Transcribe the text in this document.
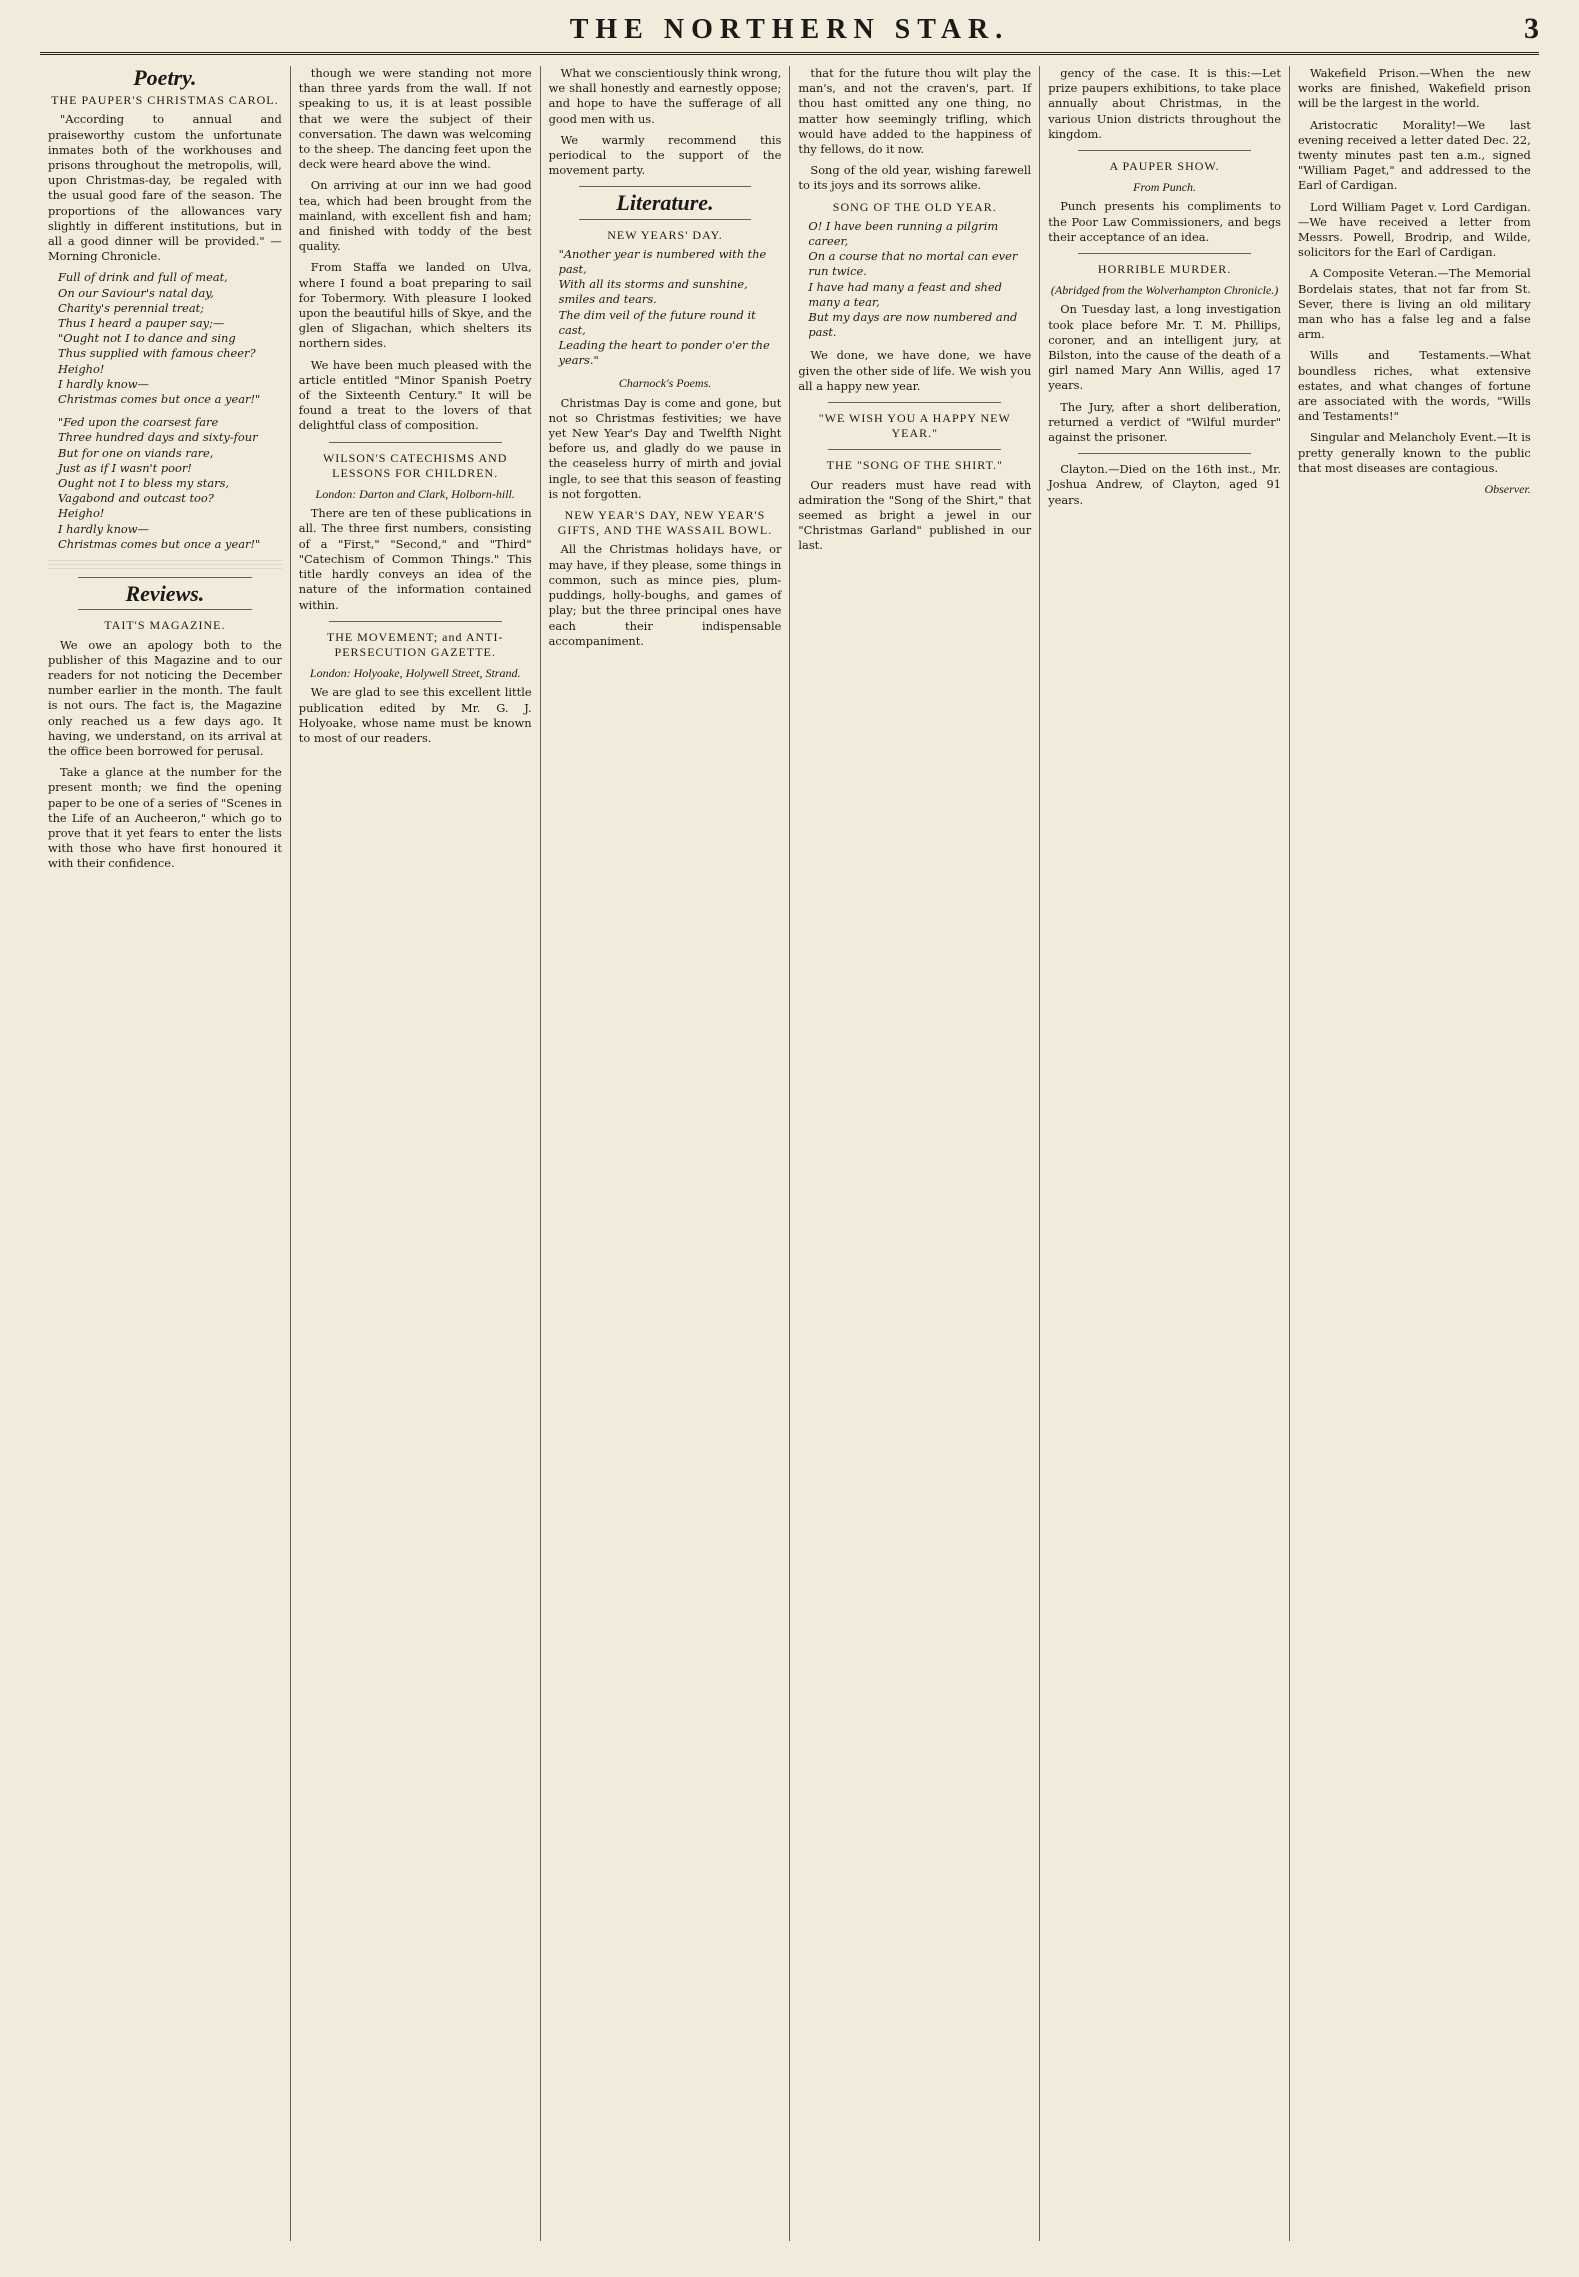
THE NORTHERN STAR.	3
Poetry.
THE PAUPER'S CHRISTMAS CAROL.

"According to annual and praiseworthy custom the unfortunate inmates both of the workhouses and prisons throughout the metropolis, will, upon Christmas-day, be regaled with the usual good fare of the season. The proportions of the allowances vary slightly in different institutions, but in all a good dinner will be provided." — Morning Chronicle.

Full of drink and full of meat,
On our Saviour's natal day,
Charity's perennial treat;
Thus I heard a pauper say;—
"Ought not I to dance and sing
Thus supplied with famous cheer?
Heigho!
I hardly know—
Christmas comes but once a year!"
"Fed upon the coarsest fare
Three hundred days and sixty-four
But for one on viands rare,
Just as if I wasn't poor!
Ought not I to bless my stars,
Vagabond and outcast too?
Heigho!
I hardly know—
Christmas comes but once a year!"
Reviews.
TAIT'S MAGAZINE.

We owe an apology both to the publisher of this Magazine and to our readers for not noticing the December number earlier in the month. The fault is not ours. The fact is, the Magazine only reached us a few days ago. It having, we understand, on its arrival at the office been borrowed for perusal.

Take a glance at the number for the present month; we find the opening paper to be one of a series of "Scenes in the Life of an Aucheeron," which go to prove that it yet fears to enter the lists with those who have first honoured it with their confidence.

though we were standing not more than three yards from the wall. If not speaking to us, it is at least possible that we were the subject of their conversation. The dawn was welcoming to the sheep. The dancing feet upon the deck were heard above the wind.

On arriving at our inn we had good tea, which had been brought from the mainland, with excellent fish and ham; and finished with toddy of the best quality.

From Staffa we landed on Ulva, where I found a boat preparing to sail for Tobermory. With pleasure I looked upon the beautiful hills of Skye, and the glen of Sligachan, which shelters its northern sides.

We have been much pleased with the article entitled "Minor Spanish Poetry of the Sixteenth Century." It will be found a treat to the lovers of that delightful class of composition.

WILSON'S CATECHISMS AND LESSONS FOR CHILDREN.
London: Darton and Clark, Holborn-hill.

There are ten of these publications in all. The three first numbers, consisting of a "First," "Second," and "Third" "Catechism of Common Things." This title hardly conveys an idea of the nature of the information contained within.

THE MOVEMENT; and ANTI-PERSECUTION GAZETTE.
London: Holyoake, Holywell Street, Strand.

We are glad to see this excellent little publication edited by Mr. G. J. Holyoake, whose name must be known to most of our readers.

What we conscientiously think wrong, we shall honestly and earnestly oppose; and hope to have the sufferage of all good men with us.

We warmly recommend this periodical to the support of the movement party.

Literature.
NEW YEARS' DAY.
"Another year is numbered with the past,
With all its storms and sunshine, smiles and tears.
The dim veil of the future round it cast,
Leading the heart to ponder o'er the years."
Charnock's Poems.

Christmas Day is come and gone, but not so Christmas festivities; we have yet New Year's Day and Twelfth Night before us, and gladly do we pause in the ceaseless hurry of mirth and jovial ingle, to see that this season of feasting is not forgotten.

NEW YEAR'S DAY, NEW YEAR'S GIFTS, AND THE WASSAIL BOWL.

All the Christmas holidays have, or may have, if they please, some things in common, such as mince pies, plum-puddings, holly-boughs, and games of play; but the three principal ones have each their indispensable accompaniment.

that for the future thou wilt play the man's, and not the craven's, part. If thou hast omitted any one thing, no matter how seemingly trifling, which would have added to the happiness of thy fellows, do it now.

Song of the old year, wishing farewell to its joys and its sorrows alike.

SONG OF THE OLD YEAR.
O! I have been running a pilgrim career,
On a course that no mortal can ever run twice.
I have had many a feast and shed many a tear,
But my days are now numbered and past.

We done, we have done, we have given the other side of life. We wish you all a happy new year.

"WE WISH YOU A HAPPY NEW YEAR."
THE "SONG OF THE SHIRT."

Our readers must have read with admiration the "Song of the Shirt," that seemed as bright a jewel in our "Christmas Garland" published in our last.

gency of the case. It is this:—Let prize paupers exhibitions, to take place annually about Christmas, in the various Union districts throughout the kingdom.

A PAUPER SHOW.
From Punch.

Punch presents his compliments to the Poor Law Commissioners, and begs their acceptance of an idea.

HORRIBLE MURDER.
(Abridged from the Wolverhampton Chronicle.)

On Tuesday last, a long investigation took place before Mr. T. M. Phillips, coroner, and an intelligent jury, at Bilston, into the cause of the death of a girl named Mary Ann Willis, aged 17 years.

The Jury, after a short deliberation, returned a verdict of "Wilful murder" against the prisoner.

Clayton.—Died on the 16th inst., Mr. Joshua Andrew, of Clayton, aged 91 years.

Wakefield Prison.—When the new works are finished, Wakefield prison will be the largest in the world.

Aristocratic Morality!—We last evening received a letter dated Dec. 22, twenty minutes past ten a.m., signed "William Paget," and addressed to the Earl of Cardigan.

Lord William Paget v. Lord Cardigan.—We have received a letter from Messrs. Powell, Brodrip, and Wilde, solicitors for the Earl of Cardigan.

A Composite Veteran.—The Memorial Bordelais states, that not far from St. Sever, there is living an old military man who has a false leg and a false arm.

Wills and Testaments.—What boundless riches, what extensive estates, and what changes of fortune are associated with the words, "Wills and Testaments!"

Singular and Melancholy Event.—It is pretty generally known to the public that most diseases are contagious.

Observer.
